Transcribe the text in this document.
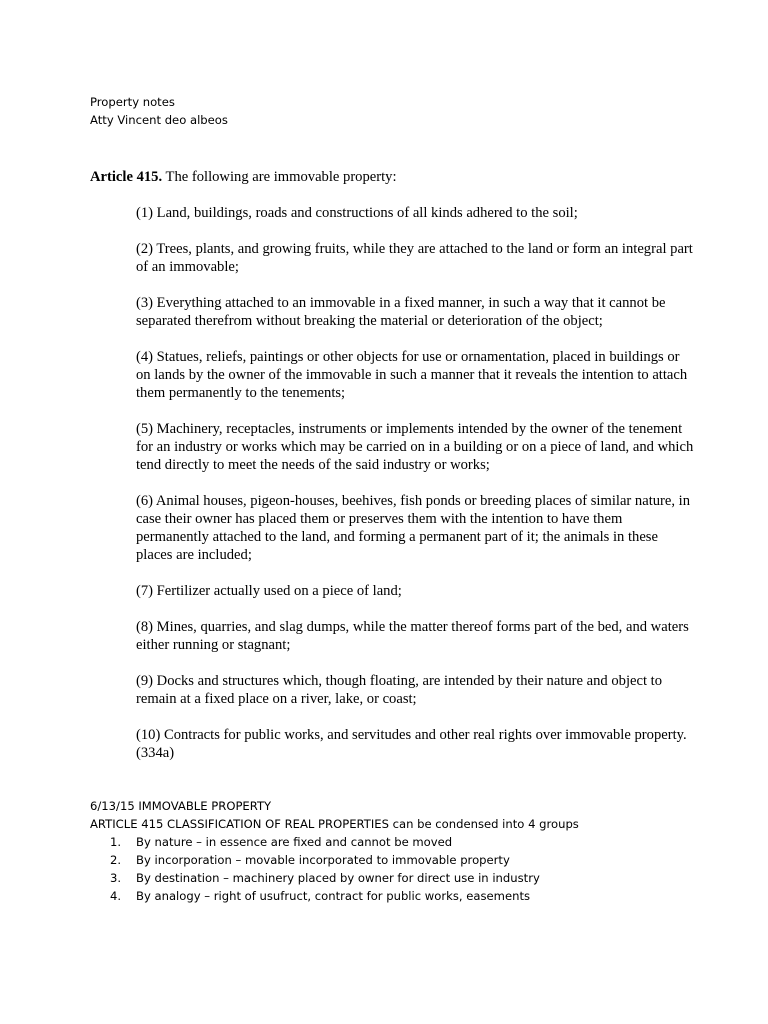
Property notes
Atty Vincent deo albeos
Article 415. The following are immovable property:
(1) Land, buildings, roads and constructions of all kinds adhered to the soil;
(2) Trees, plants, and growing fruits, while they are attached to the land or form an integral part of an immovable;
(3) Everything attached to an immovable in a fixed manner, in such a way that it cannot be separated therefrom without breaking the material or deterioration of the object;
(4) Statues, reliefs, paintings or other objects for use or ornamentation, placed in buildings or on lands by the owner of the immovable in such a manner that it reveals the intention to attach them permanently to the tenements;
(5) Machinery, receptacles, instruments or implements intended by the owner of the tenement for an industry or works which may be carried on in a building or on a piece of land, and which tend directly to meet the needs of the said industry or works;
(6) Animal houses, pigeon-houses, beehives, fish ponds or breeding places of similar nature, in case their owner has placed them or preserves them with the intention to have them permanently attached to the land, and forming a permanent part of it; the animals in these places are included;
(7) Fertilizer actually used on a piece of land;
(8) Mines, quarries, and slag dumps, while the matter thereof forms part of the bed, and waters either running or stagnant;
(9) Docks and structures which, though floating, are intended by their nature and object to remain at a fixed place on a river, lake, or coast;
(10) Contracts for public works, and servitudes and other real rights over immovable property. (334a)
6/13/15 IMMOVABLE PROPERTY
ARTICLE 415 CLASSIFICATION OF REAL PROPERTIES can be condensed into 4 groups
1. By nature – in essence are fixed and cannot be moved
2. By incorporation – movable incorporated to immovable property
3. By destination – machinery placed by owner for direct use in industry
4. By analogy – right of usufruct, contract for public works, easements
